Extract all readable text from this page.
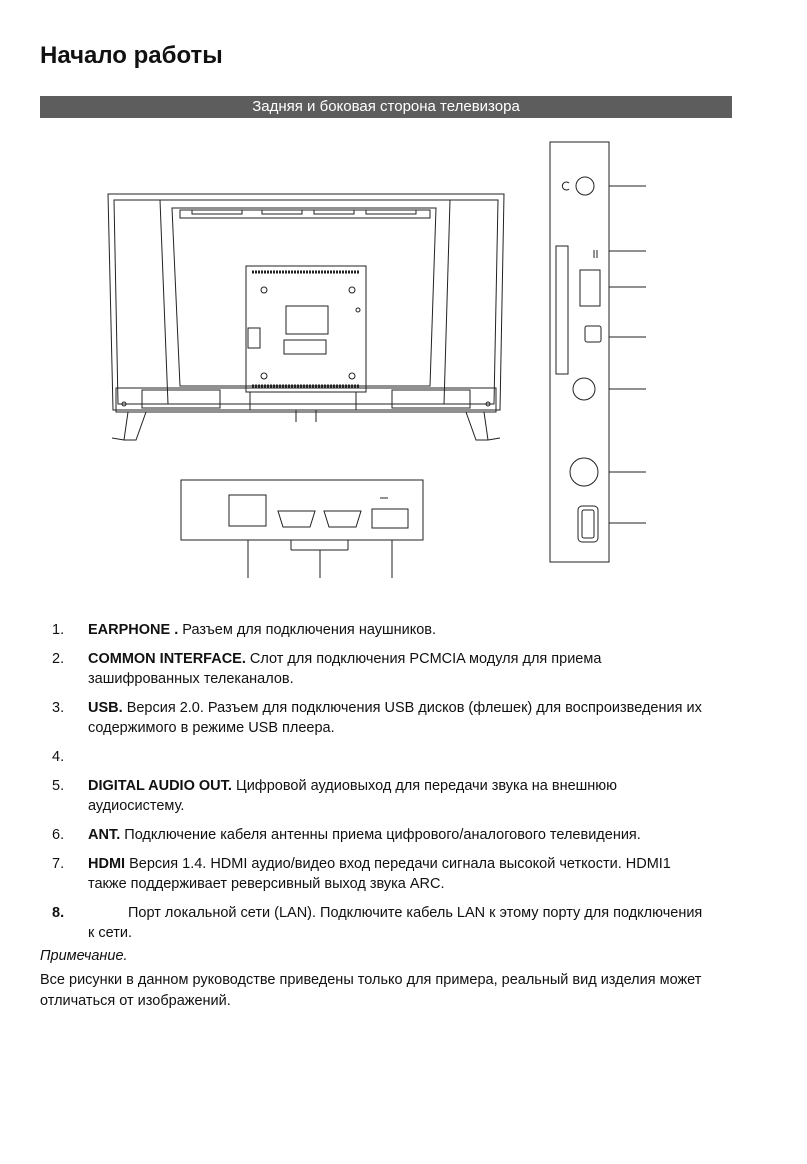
Начало работы
Задняя и боковая сторона телевизора
1. EARPHONE . Разъем для подключения наушников.
2. COMMON INTERFACE. Слот для подключения PCMCIA модуля для приема зашифрованных телеканалов.
3. USB. Версия 2.0. Разъем для подключения USB дисков (флешек) для воспроизведения их содержимого в режиме USB плеера.
4.
5. DIGITAL AUDIO OUT. Цифровой аудиовыход для передачи звука на внешнюю аудиосистему.
6. ANT. Подключение кабеля антенны приема цифрового/аналогового телевидения.
7. HDMI Версия 1.4. HDMI аудио/видео вход передачи сигнала высокой четкости. HDMI1 также поддерживает реверсивный выход звука ARC.
8.	Порт локальной сети (LAN). Подключите кабель LAN к этому порту для подключения к сети.
Примечание.
Все рисунки в данном руководстве приведены только для примера, реальный вид изделия может отличаться от изображений.
